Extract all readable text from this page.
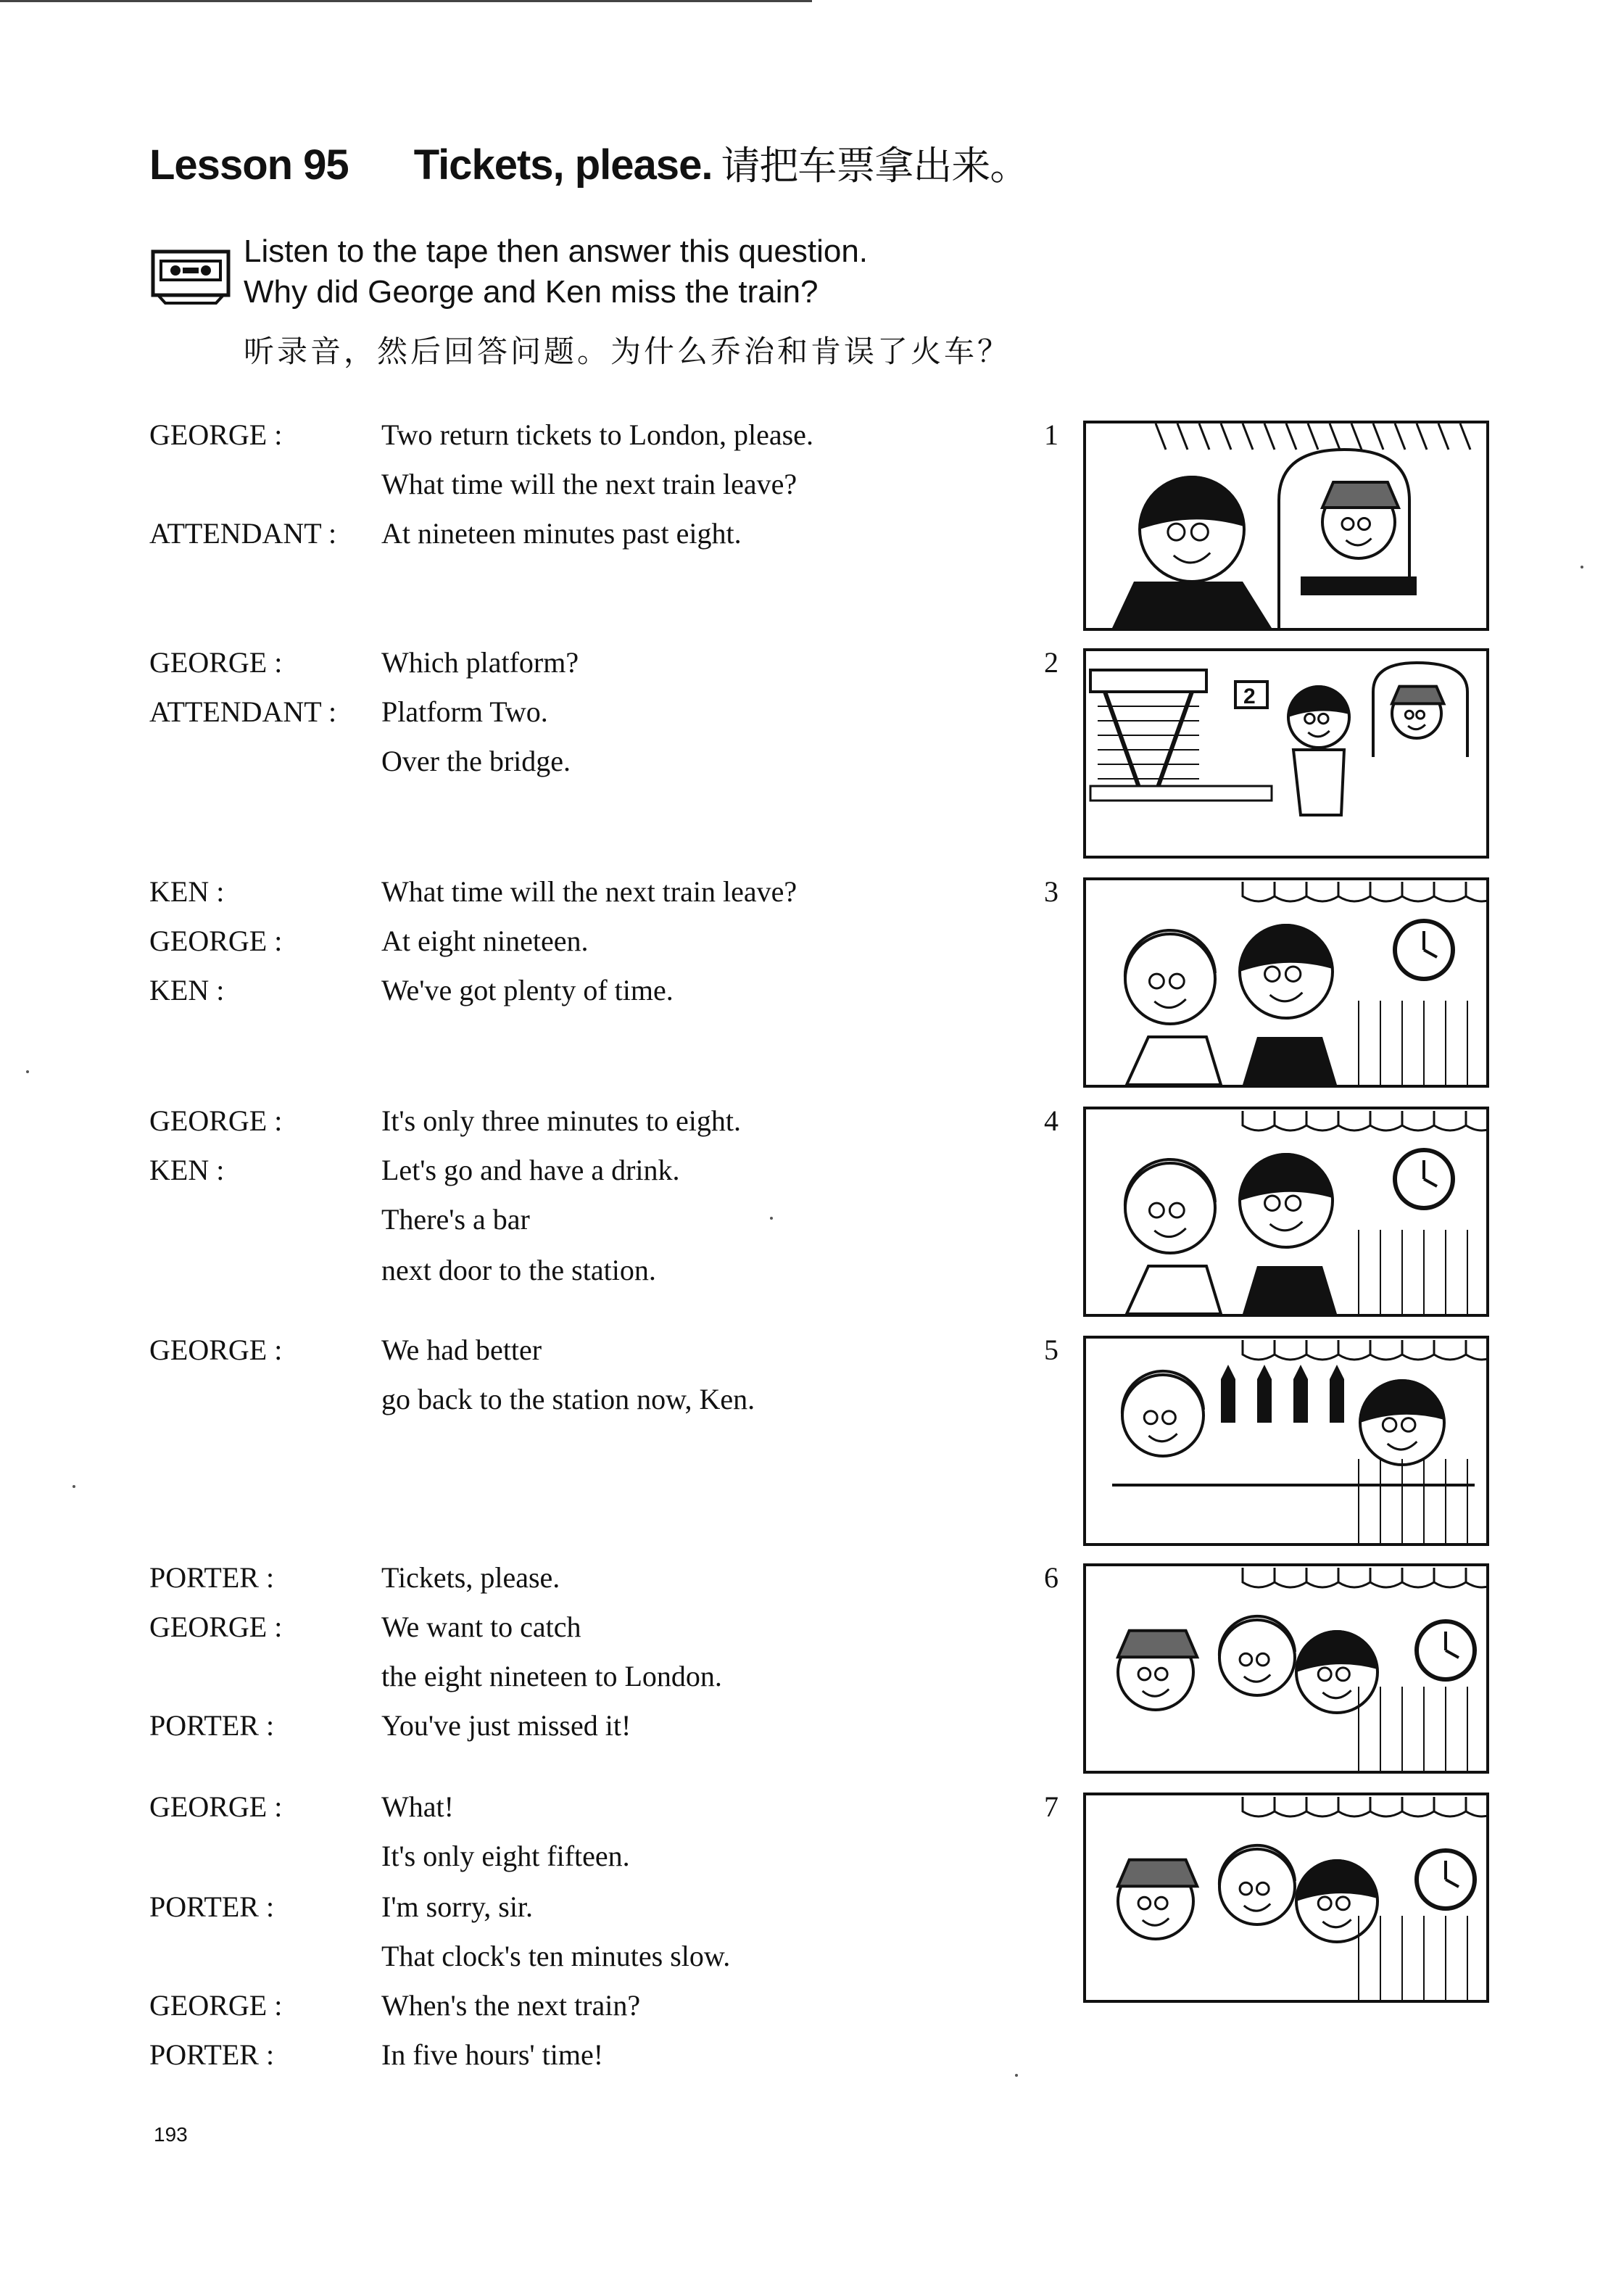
Lesson 95 Tickets, please. 请把车票拿出来。
Listen to the tape then answer this question.
Why did George and Ken miss the train?
听录音，然后回答问题。为什么乔治和肯误了火车？
GEORGE :	Two return tickets to London, please.
What time will the next train leave?
ATTENDANT : At nineteen minutes past eight.
GEORGE :	Which platform?
ATTENDANT : Platform Two.
Over the bridge.
KEN :	What time will the next train leave?
GEORGE :	At eight nineteen.
KEN :	We've got plenty of time.
GEORGE :	It's only three minutes to eight.
KEN :	Let's go and have a drink.
There's a bar
next door to the station.
GEORGE :	We had better
go back to the station now, Ken.
PORTER :	Tickets, please.
GEORGE :	We want to catch
the eight nineteen to London.
PORTER :	You've just missed it!
GEORGE :	What!
It's only eight fifteen.
PORTER :	I'm sorry, sir.
That clock's ten minutes slow.
GEORGE :	When's the next train?
PORTER :	In five hours' time!
1
2
2
3
4
5
6
7
193
